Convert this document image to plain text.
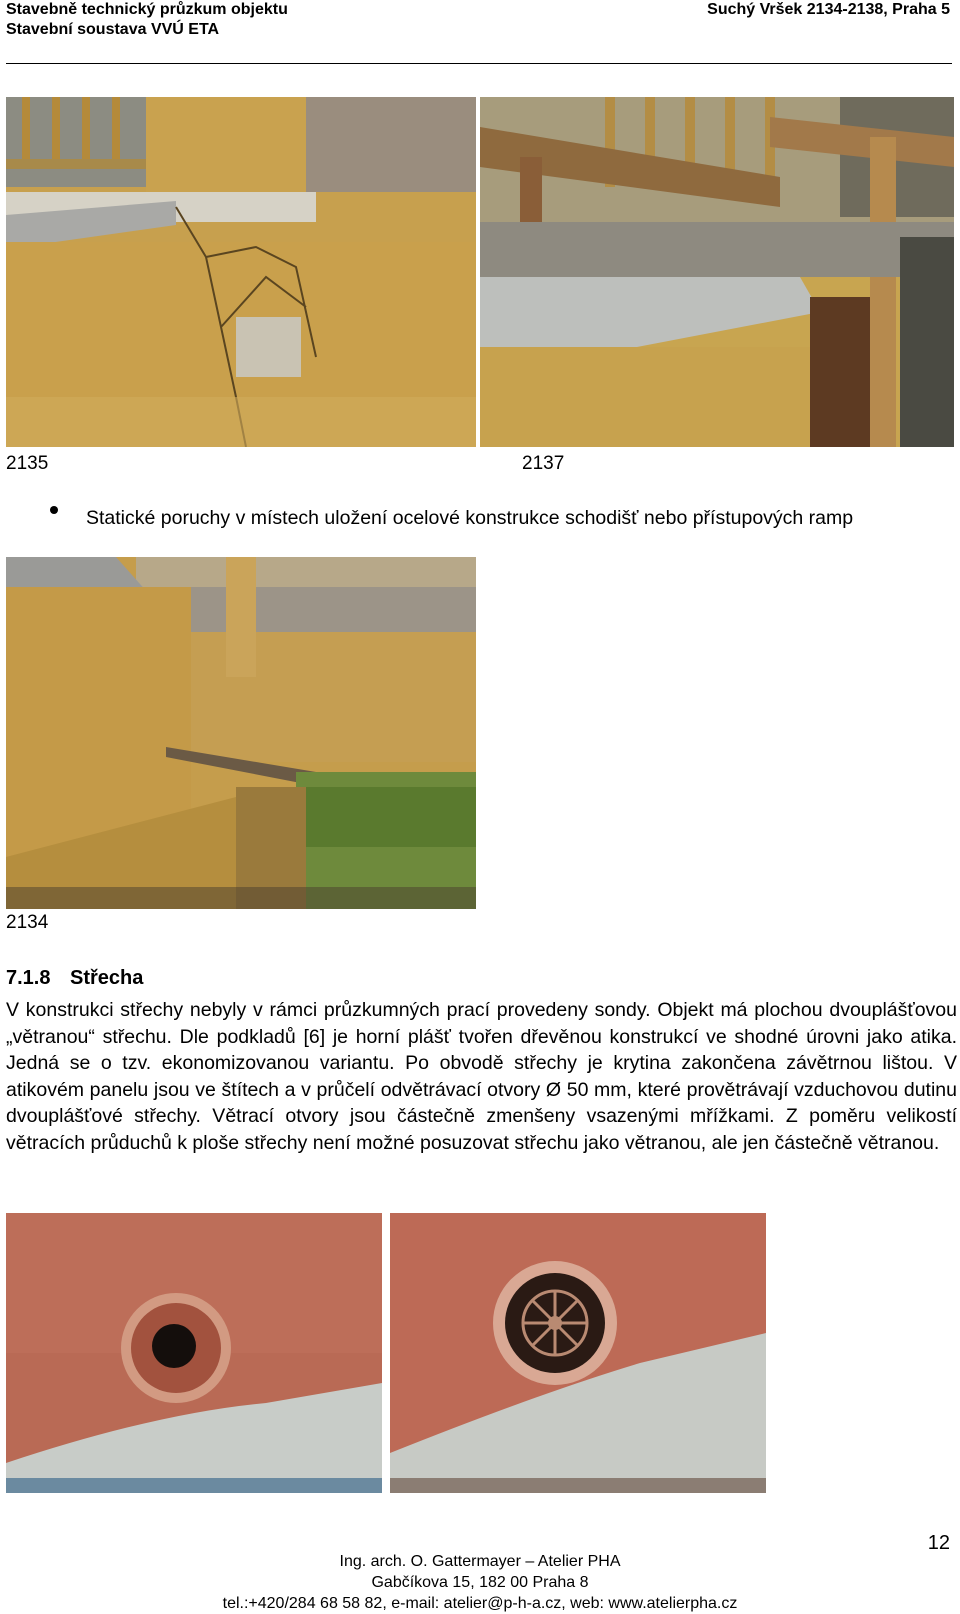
Stavebně technický průzkum objektu
Stavební soustava VVÚ ETA
Suchý Vršek 2134-2138, Praha 5
2135	2137
Statické poruchy v místech uložení ocelové konstrukce schodišť nebo přístupových ramp
2134
7.1.8 Střecha
V konstrukci střechy nebyly v rámci průzkumných prací provedeny sondy. Objekt má plochou dvouplášťovou „větranou“ střechu. Dle podkladů [6] je horní plášť tvořen dřevěnou konstrukcí ve shodné úrovni jako atika. Jedná se o tzv. ekonomizovanou variantu. Po obvodě střechy je krytina zakončena závětrnou lištou. V atikovém panelu jsou ve štítech a v průčelí odvětrávací otvory Ø 50 mm, které provětrávají vzduchovou dutinu dvouplášťové střechy. Větrací otvory jsou částečně zmenšeny vsazenými mřížkami. Z poměru velikostí větracích průduchů k ploše střechy není možné posuzovat střechu jako větranou, ale jen částečně větranou.
12
Ing. arch. O. Gattermayer – Atelier PHA
Gabčíkova 15, 182 00 Praha 8
tel.:+420/284 68 58 82, e-mail: atelier@p-h-a.cz, web: www.atelierpha.cz
